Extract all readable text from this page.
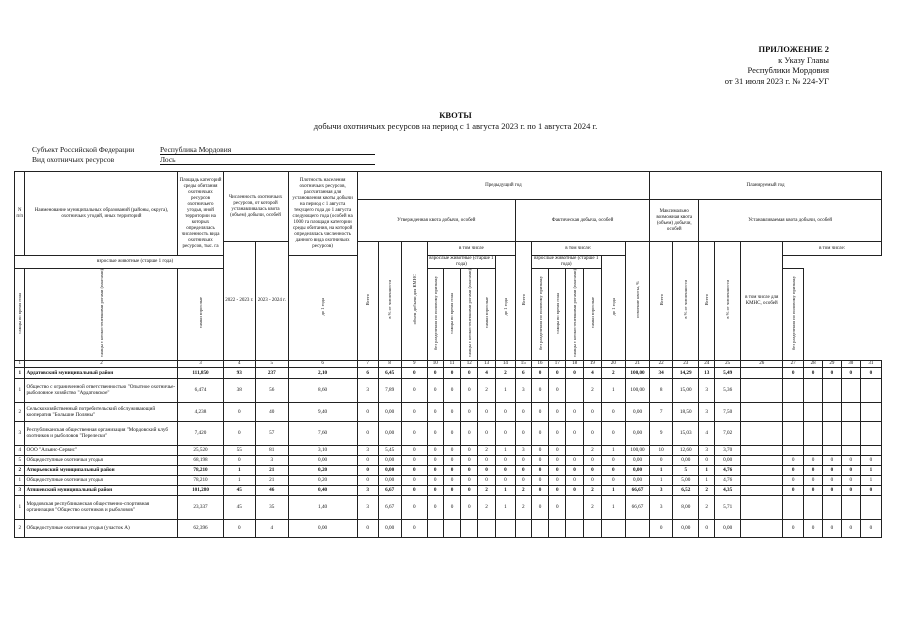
ПРИЛОЖЕНИЕ 2
к Указу Главы
Республики Мордовия
от 31 июля 2023 г. № 224-УГ
КВОТЫ
добычи охотничьих ресурсов на период с 1 августа 2023 г. по 1 августа 2024 г.
Субъект Российской Федерации	Республика Мордовия
Вид охотничьих ресурсов	Лось
N п/п	Наименование муниципальных образований (районы, округа), охотничьих угодий, иных территорий	Площадь категорий среды обитания охотничьих ресурсов охотничьего угодья, иной территории на которых определялась численность вида охотничьих ресурсов, тыс. га	Численность охотничьих ресурсов, от которой устанавливалась квота (объем) добычи, особей		Плотность населения охотничьих ресурсов, рассчитанная для установления квоты добычи на период с 1 августа текущего года до 1 августа следующего года (особей на 1000 га площади категории среды обитания, на которой определялась численность данного вида охотничьих ресурсов)	Предыдущий год															Планируемый год									
						Утвержденная квота добычи, особей								Фактическая добыча, особей							Максимально возможная квота (объем) добычи, особей		Устанавливаемая квота добычи, особей							
			2022 - 2023 г.	2023 - 2024 г.		Всего	в % от численности	объем добычи для КМНС	в том числе					Всего	в том числе:					освоение квоты, %	Всего	в % от численности	Всего	в % от численности	в том числе для КМНС, особей	в том числе:				
взрослые животные (старше 1 года)					до 1 года				взрослые животные (старше 1 года)				до 1 года		взрослые животные (старше 1 года)				до 1 года											
самцы во время гона	самцы с неокостеневшими рогами (пантами)	самки взрослые							без разделения по половому признаку	самцы во время гона	самцы с неокостеневшими рогами (пантами)	самки взрослые			без разделения по половому признаку	самцы во время гона	самцы с неокостеневшими рогами (пантами)	самки взрослые								без разделения по половому признаку				
1	2	3	4	5	6	7	8	9	10	11	12	13	14	15	16	17	18	19	20	21	22	23	24	25	26	27	28	29	30	31
1	Ардатовский муниципальный район	111,850	93	237	2,10	6	6,45	0	0	0	0	4	2	6	0	0	0	4	2	100,00	34	14,29	13	5,49		0	0	0	0	0
1	Общество с ограниченной ответственностью "Опытное охотничье-рыболовное хозяйство "Ардатовское"	6,474	38	56	8,60	3	7,89	0	0	0	0	2	1	3	0	0		2	1	100,00	8	15,00	3	5,36						
2	Сельскохозяйственный потребительский обслуживающий кооператив "Большие Поляны"	4,238	0	40	9,40	0	0,00	0	0	0	0	0	0	0	0	0	0	0	0	0,00	7	18,50	3	7,50						
3	Республиканская общественная организация "Мордовский клуб охотников и рыболовов "Перелески"	7,420	0	57	7,60	0	0,00	0	0	0	0	0	0	0	0	0	0	0	0	0,00	9	15,03	4	7,02						
4	ООО "Альянс-Сервис"	25,520	55	81	3,10	3	5,45	0	0	0	0	2	1	3	0	0		2	1	100,00	10	12,60	3	3,70						
5	Общедоступные охотничьи угодья	68,198	0	3	0,00	0	0,00	0	0	0	0	0	0	0	0	0	0	0	0	0,00	0	0,00	0	0,00		0	0	0	0	0
2	Атюрьевский муниципальный район	78,210	1	21	0,20	0	0,00	0	0	0	0	0	0	0	0	0	0	0	0	0,00	1	5	1	4,76		0	0	0	0	1
1	Общедоступные охотничьи угодья	78,210	1	21	0,20	0	0,00	0	0	0	0	0	0	0	0	0	0	0	0	0,00	1	5,00	1	4,76		0	0	0	0	1
3	Атяшевский муниципальный район	101,280	45	46	0,40	3	6,67	0	0	0	0	2	1	2	0	0	0	2	1	66,67	3	6,52	2	4,35		0	0	0	0	0
1	Мордовская республиканская общественно-спортивная организация "Общество охотников и рыболовов"	23,337	45	35	1,40	3	6,67	0	0	0	0	2	1	2	0	0		2	1	66,67	3	8,00	2	5,71						
2	Общедоступные охотничьи угодья (участок А)	62,396	0	4	0,00	0	0,00	0													0	0,00	0	0,00		0	0	0	0	0
